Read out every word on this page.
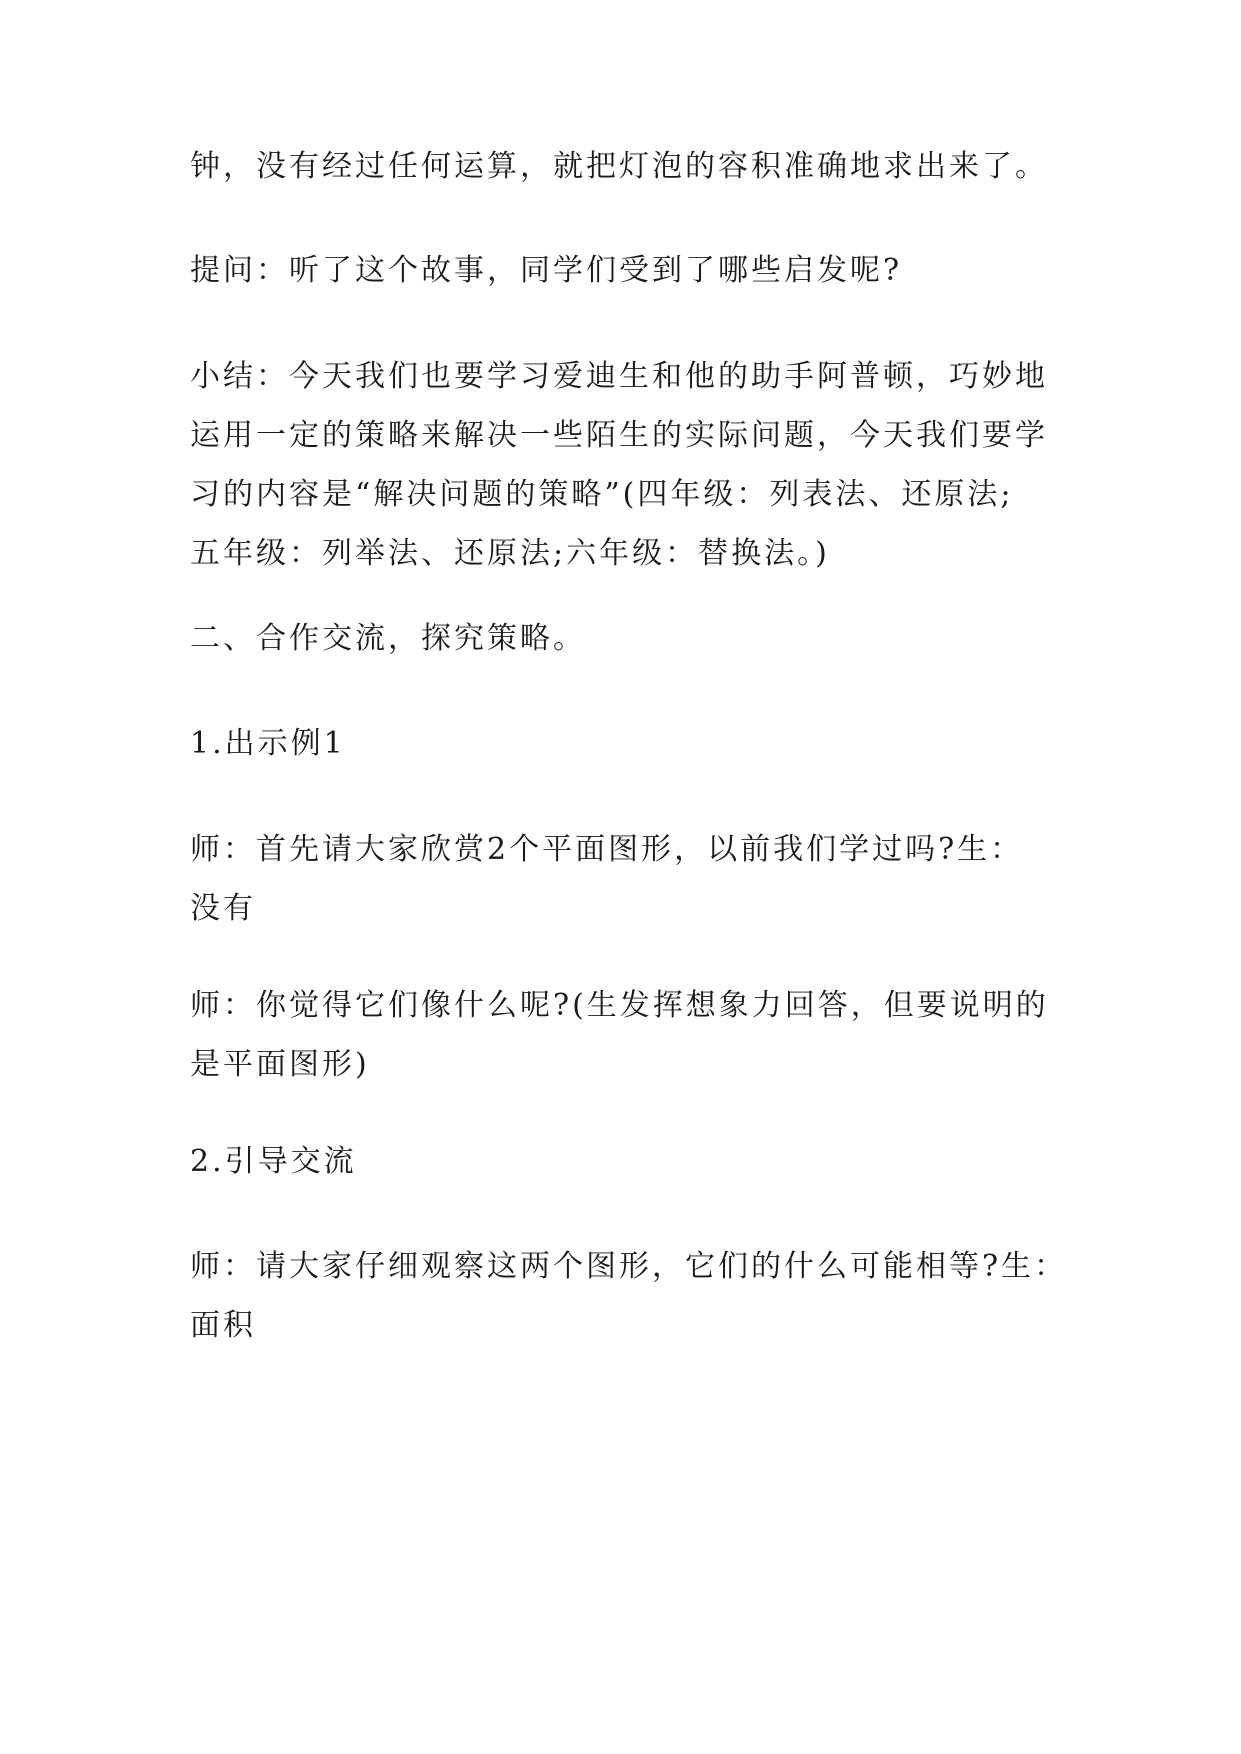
钟，没有经过任何运算，就把灯泡的容积准确地求出来了。

提问：听了这个故事，同学们受到了哪些启发呢?

小结：今天我们也要学习爱迪生和他的助手阿普顿，巧妙地
运用一定的策略来解决一些陌生的实际问题，今天我们要学
习的内容是“解决问题的策略”(四年级：列表法、还原法;
五年级：列举法、还原法;六年级：替换法。)

二、合作交流，探究策略。

1.出示例1

师：首先请大家欣赏2个平面图形，以前我们学过吗?生：
没有

师：你觉得它们像什么呢?(生发挥想象力回答，但要说明的
是平面图形)

2.引导交流

师：请大家仔细观察这两个图形，它们的什么可能相等?生：
面积
